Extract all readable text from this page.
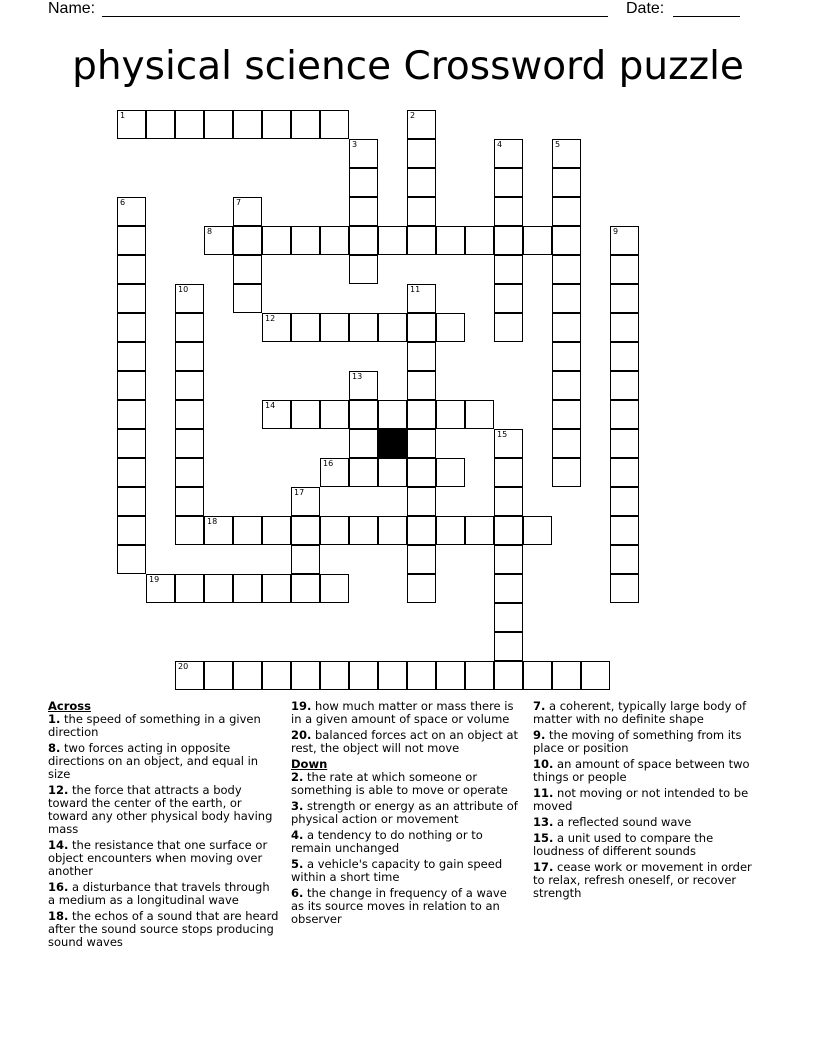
Name:	Date:
physical science Crossword puzzle
1	2
3	4	5
6	7
8	9
10	11
12
13
14
15
16
17
18
19
20
Across
1. the speed of something in a given direction
8. two forces acting in opposite directions on an object, and equal in size
12. the force that attracts a body toward the center of the earth, or toward any other physical body having mass
14. the resistance that one surface or object encounters when moving over another
16. a disturbance that travels through a medium as a longitudinal wave
18. the echos of a sound that are heard after the sound source stops producing sound waves
19. how much matter or mass there is in a given amount of space or volume
20. balanced forces act on an object at rest, the object will not move
Down
2. the rate at which someone or something is able to move or operate
3. strength or energy as an attribute of physical action or movement
4. a tendency to do nothing or to remain unchanged
5. a vehicle's capacity to gain speed within a short time
6. the change in frequency of a wave as its source moves in relation to an observer
7. a coherent, typically large body of matter with no definite shape
9. the moving of something from its place or position
10. an amount of space between two things or people
11. not moving or not intended to be moved
13. a reflected sound wave
15. a unit used to compare the loudness of different sounds
17. cease work or movement in order to relax, refresh oneself, or recover strength
